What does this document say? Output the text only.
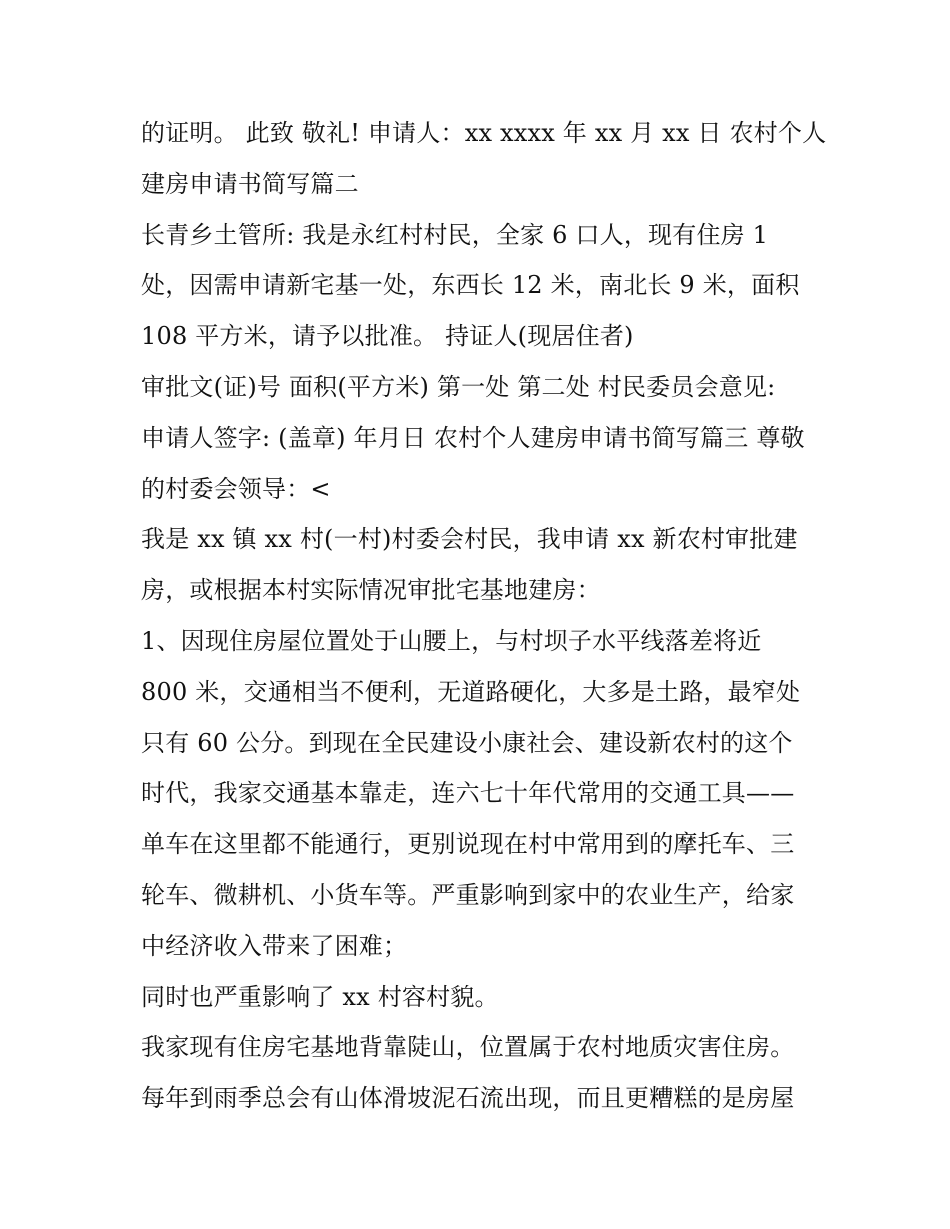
的证明。 此致 敬礼! 申请人：xx xxxx 年 xx 月 xx 日 农村个人
建房申请书简写篇二
长青乡土管所: 我是永红村村民，全家 6 口人，现有住房 1
处，因需申请新宅基一处，东西长 12 米，南北长 9 米，面积
108 平方米，请予以批准。 持证人(现居住者)
审批文(证)号 面积(平方米) 第一处 第二处 村民委员会意见:
申请人签字: (盖章) 年月日 农村个人建房申请书简写篇三 尊敬
的村委会领导：<
我是 xx 镇 xx 村(一村)村委会村民，我申请 xx 新农村审批建
房，或根据本村实际情况审批宅基地建房：
1、因现住房屋位置处于山腰上，与村坝子水平线落差将近
800 米，交通相当不便利，无道路硬化，大多是土路，最窄处
只有 60 公分。到现在全民建设小康社会、建设新农村的这个
时代，我家交通基本靠走，连六七十年代常用的交通工具——
单车在这里都不能通行，更别说现在村中常用到的摩托车、三
轮车、微耕机、小货车等。严重影响到家中的农业生产，给家
中经济收入带来了困难；
同时也严重影响了 xx 村容村貌。
我家现有住房宅基地背靠陡山，位置属于农村地质灾害住房。
每年到雨季总会有山体滑坡泥石流出现，而且更糟糕的是房屋
